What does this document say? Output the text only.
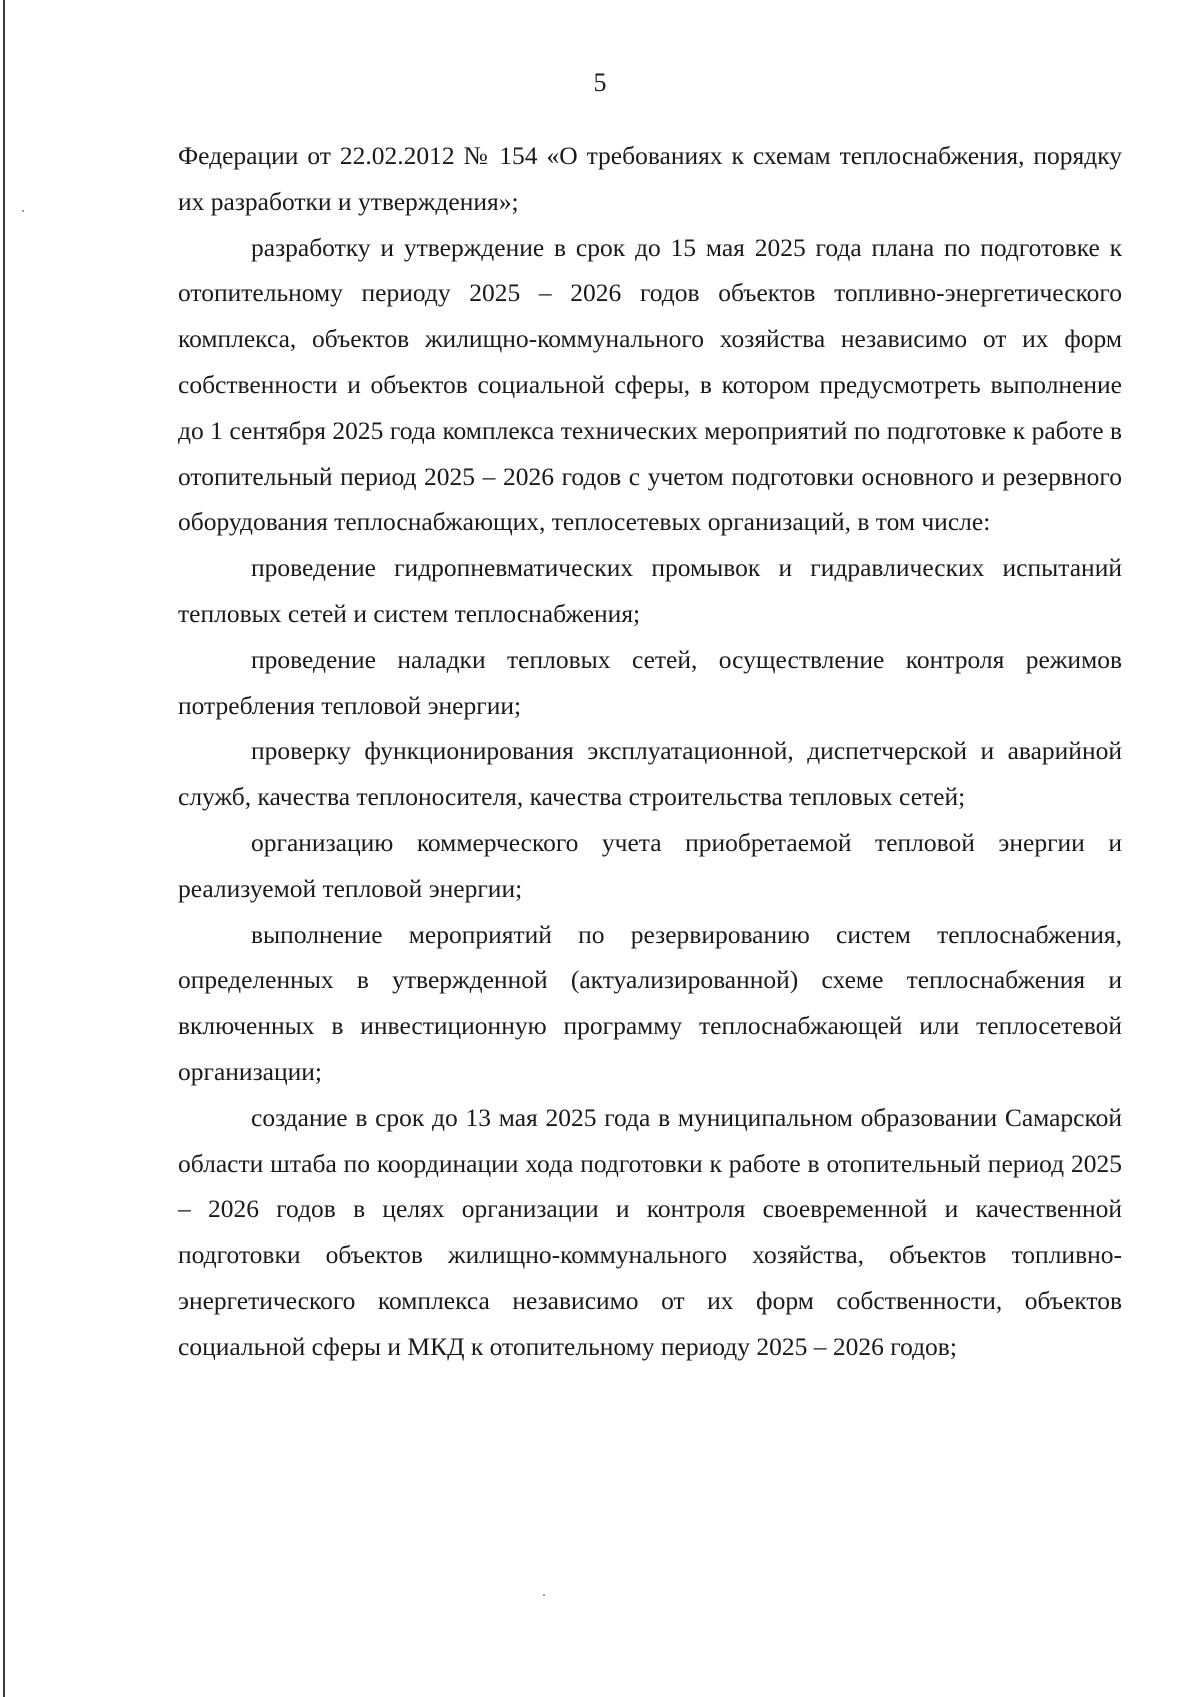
5

Федерации от 22.02.2012 № 154 «О требованиях к схемам теплоснабжения, порядку их разработки и утверждения»;

разработку и утверждение в срок до 15 мая 2025 года плана по подготовке к отопительному периоду 2025 – 2026 годов объектов топливно-энергетического комплекса, объектов жилищно-коммунального хозяйства независимо от их форм собственности и объектов социальной сферы, в котором предусмотреть выполнение до 1 сентября 2025 года комплекса технических мероприятий по подготовке к работе в отопительный период 2025 – 2026 годов с учетом подготовки основного и резервного оборудования теплоснабжающих, теплосетевых организаций, в том числе:

проведение гидропневматических промывок и гидравлических испытаний тепловых сетей и систем теплоснабжения;

проведение наладки тепловых сетей, осуществление контроля режимов потребления тепловой энергии;

проверку функционирования эксплуатационной, диспетчерской и аварийной служб, качества теплоносителя, качества строительства тепловых сетей;

организацию коммерческого учета приобретаемой тепловой энергии и реализуемой тепловой энергии;

выполнение мероприятий по резервированию систем теплоснабжения, определенных в утвержденной (актуализированной) схеме теплоснабжения и включенных в инвестиционную программу теплоснабжающей или теплосетевой организации;

создание в срок до 13 мая 2025 года в муниципальном образовании Самарской области штаба по координации хода подготовки к работе в отопительный период 2025 – 2026 годов в целях организации и контроля своевременной и качественной подготовки объектов жилищно-коммунального хозяйства, объектов топливно-энергетического комплекса независимо от их форм собственности, объектов социальной сферы и МКД к отопительному периоду 2025 – 2026 годов;
